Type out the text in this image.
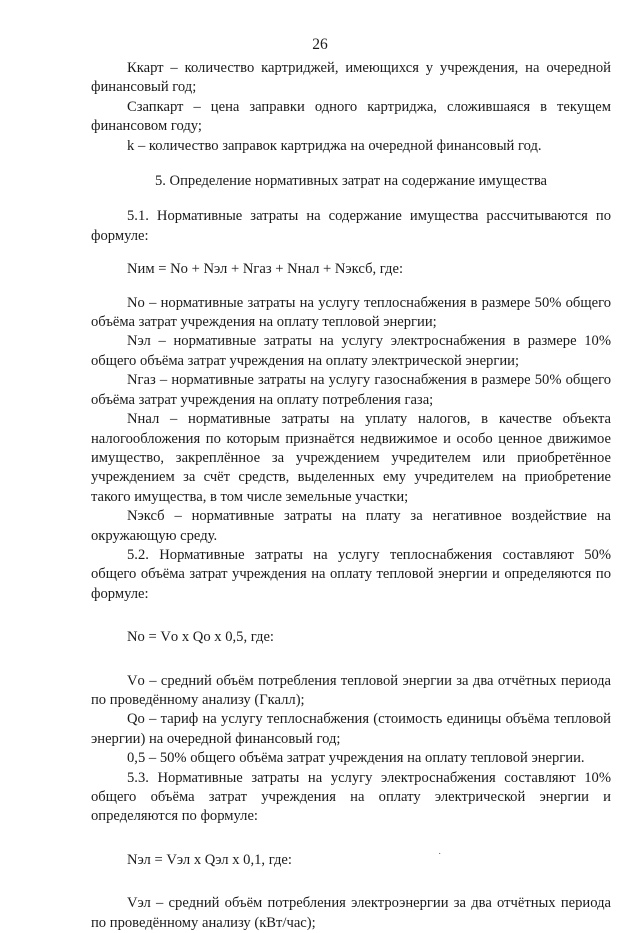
26

Ккарт – количество картриджей, имеющихся у учреждения, на очередной финансовый год;

Сзапкарт – цена заправки одного картриджа, сложившаяся в текущем финансовом году;

k – количество заправок картриджа на очередной финансовый год.

5. Определение нормативных затрат на содержание имущества

5.1. Нормативные затраты на содержание имущества рассчитываются по формуле:

Nим = Nо + Nэл + Nгаз + Nнал + Nэксб, где:

Nо – нормативные затраты на услугу теплоснабжения в размере 50% общего объёма затрат учреждения на оплату тепловой энергии;

Nэл – нормативные затраты на услугу электроснабжения в размере 10% общего объёма затрат учреждения на оплату электрической энергии;

Nгаз – нормативные затраты на услугу газоснабжения в размере 50% общего объёма затрат учреждения на оплату потребления газа;

Nнал – нормативные затраты на уплату налогов, в качестве объекта налогообложения по которым признаётся недвижимое и особо ценное движимое имущество, закреплённое за учреждением учредителем или приобретённое учреждением за счёт средств, выделенных ему учредителем на приобретение такого имущества, в том числе земельные участки;

Nэксб – нормативные затраты на плату за негативное воздействие на окружающую среду.

5.2. Нормативные затраты на услугу теплоснабжения составляют 50% общего объёма затрат учреждения на оплату тепловой энергии и определяются по формуле:

Nо = Vо х Qо х 0,5, где:

Vо – средний объём потребления тепловой энергии за два отчётных периода по проведённому анализу (Гкалл);

Qо – тариф на услугу теплоснабжения (стоимость единицы объёма тепловой энергии) на очередной финансовый год;

0,5 – 50% общего объёма затрат учреждения на оплату тепловой энергии.

5.3. Нормативные затраты на услугу электроснабжения составляют 10% общего объёма затрат учреждения на оплату электрической энергии и определяются по формуле:

Nэл = Vэл х Qэл х 0,1, где:

Vэл – средний объём потребления электроэнергии за два отчётных периода по проведённому анализу (кВт/час);

˙
